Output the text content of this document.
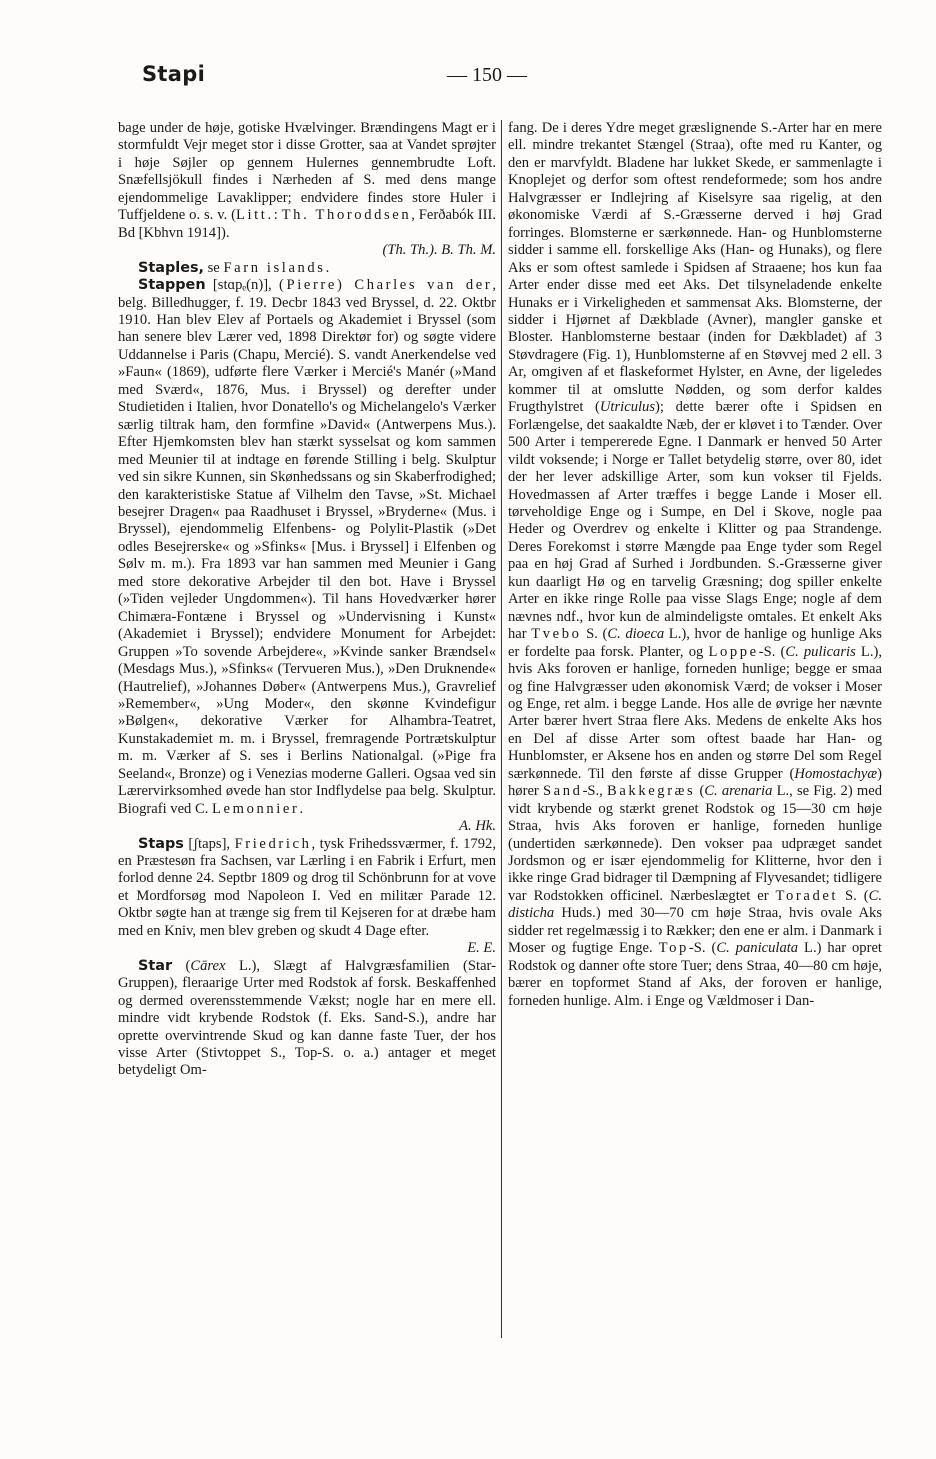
Stapi	— 150 —

bage under de høje, gotiske Hvælvinger. Brændingens Magt er i stormfuldt Vejr meget stor i disse Grotter, saa at Vandet sprøjter i høje Søjler op gennem Hulernes gennembrudte Loft. Snæfellsjökull findes i Nærheden af S. med dens mange ejendommelige Lavaklipper; endvidere findes store Huler i Tuffjeldene o. s. v. (Litt.: Th. Thoroddsen, Ferðabók III. Bd [Kbhvn 1914]).

(Th. Th.). B. Th. M.

Staples, se Farn islands.

Stappen [stɑpₑ(n)], (Pierre) Charles van der, belg. Billedhugger, f. 19. Decbr 1843 ved Bryssel, d. 22. Oktbr 1910. Han blev Elev af Portaels og Akademiet i Bryssel (som han senere blev Lærer ved, 1898 Direktør for) og søgte videre Uddannelse i Paris (Chapu, Mercié). S. vandt Anerkendelse ved »Faun« (1869), udførte flere Værker i Mercié's Manér (»Mand med Sværd«, 1876, Mus. i Bryssel) og derefter under Studietiden i Italien, hvor Donatello's og Michelangelo's Værker særlig tiltrak ham, den formfine »David« (Antwerpens Mus.). Efter Hjemkomsten blev han stærkt sysselsat og kom sammen med Meunier til at indtage en førende Stilling i belg. Skulptur ved sin sikre Kunnen, sin Skønhedssans og sin Skaberfrodighed; den karakteristiske Statue af Vilhelm den Tavse, »St. Michael besejrer Dragen« paa Raadhuset i Bryssel, »Bryderne« (Mus. i Bryssel), ejendommelig Elfenbens- og Polylit-Plastik (»Det odles Besejrerske« og »Sfinks« [Mus. i Bryssel] i Elfenben og Sølv m. m.). Fra 1893 var han sammen med Meunier i Gang med store dekorative Arbejder til den bot. Have i Bryssel (»Tiden vejleder Ungdommen«). Til hans Hovedværker hører Chimæra-Fontæne i Bryssel og »Undervisning i Kunst« (Akademiet i Bryssel); endvidere Monument for Arbejdet: Gruppen »To sovende Arbejdere«, »Kvinde sanker Brændsel« (Mesdags Mus.), »Sfinks« (Tervueren Mus.), »Den Druknende« (Hautrelief), »Johannes Døber« (Antwerpens Mus.), Gravrelief »Remember«, »Ung Moder«, den skønne Kvindefigur »Bølgen«, dekorative Værker for Alhambra-Teatret, Kunstakademiet m. m. i Bryssel, fremragende Portrætskulptur m. m. Værker af S. ses i Berlins Nationalgal. (»Pige fra Seeland«, Bronze) og i Venezias moderne Galleri. Ogsaa ved sin Lærervirksomhed øvede han stor Indflydelse paa belg. Skulptur. Biografi ved C. Lemonnier.

A. Hk.

Staps [ʃtaps], Friedrich, tysk Frihedssværmer, f. 1792, en Præstesøn fra Sachsen, var Lærling i en Fabrik i Erfurt, men forlod denne 24. Septbr 1809 og drog til Schönbrunn for at vove et Mordforsøg mod Napoleon I. Ved en militær Parade 12. Oktbr søgte han at trænge sig frem til Kejseren for at dræbe ham med en Kniv, men blev greben og skudt 4 Dage efter.

E. E.

Star (Cārex L.), Slægt af Halvgræsfamilien (Star-Gruppen), fleraarige Urter med Rodstok af forsk. Beskaffenhed og dermed overensstemmende Vækst; nogle har en mere ell. mindre vidt krybende Rodstok (f. Eks. Sand-S.), andre har oprette overvintrende Skud og kan danne faste Tuer, der hos visse Arter (Stivtoppet S., Top-S. o. a.) antager et meget betydeligt Om-

fang. De i deres Ydre meget græslignende S.-Arter har en mere ell. mindre trekantet Stængel (Straa), ofte med ru Kanter, og den er marvfyldt. Bladene har lukket Skede, er sammenlagte i Knoplejet og derfor som oftest rendeformede; som hos andre Halvgræsser er Indlejring af Kiselsyre saa rigelig, at den økonomiske Værdi af S.-Græsserne derved i høj Grad forringes. Blomsterne er særkønnede. Han- og Hunblomsterne sidder i samme ell. forskellige Aks (Han- og Hunaks), og flere Aks er som oftest samlede i Spidsen af Straaene; hos kun faa Arter ender disse med eet Aks. Det tilsyneladende enkelte Hunaks er i Virkeligheden et sammensat Aks. Blomsterne, der sidder i Hjørnet af Dækblade (Avner), mangler ganske et Bloster. Hanblomsterne bestaar (inden for Dækbladet) af 3 Støvdragere (Fig. 1), Hunblomsterne af en Støvvej med 2 ell. 3 Ar, omgiven af et flaskeformet Hylster, en Avne, der ligeledes kommer til at omslutte Nødden, og som derfor kaldes Frugthylstret (Utriculus); dette bærer ofte i Spidsen en Forlængelse, det saakaldte Næb, der er kløvet i to Tænder. Over 500 Arter i tempererede Egne. I Danmark er henved 50 Arter vildt voksende; i Norge er Tallet betydelig større, over 80, idet der her lever adskillige Arter, som kun vokser til Fjelds. Hovedmassen af Arter træffes i begge Lande i Moser ell. tørveholdige Enge og i Sumpe, en Del i Skove, nogle paa Heder og Overdrev og enkelte i Klitter og paa Strandenge. Deres Forekomst i større Mængde paa Enge tyder som Regel paa en høj Grad af Surhed i Jordbunden. S.-Græsserne giver kun daarligt Hø og en tarvelig Græsning; dog spiller enkelte Arter en ikke ringe Rolle paa visse Slags Enge; nogle af dem nævnes ndf., hvor kun de almindeligste omtales. Et enkelt Aks har Tvebo S. (C. dioeca L.), hvor de hanlige og hunlige Aks er fordelte paa forsk. Planter, og Loppe-S. (C. pulicaris L.), hvis Aks foroven er hanlige, forneden hunlige; begge er smaa og fine Halvgræsser uden økonomisk Værd; de vokser i Moser og Enge, ret alm. i begge Lande. Hos alle de øvrige her nævnte Arter bærer hvert Straa flere Aks. Medens de enkelte Aks hos en Del af disse Arter som oftest baade har Han- og Hunblomster, er Aksene hos en anden og større Del som Regel særkønnede. Til den første af disse Grupper (Homostachyæ) hører Sand-S., Bakkegræs (C. arenaria L., se Fig. 2) med vidt krybende og stærkt grenet Rodstok og 15—30 cm høje Straa, hvis Aks foroven er hanlige, forneden hunlige (undertiden særkønnede). Den vokser paa udpræget sandet Jordsmon og er især ejendommelig for Klitterne, hvor den i ikke ringe Grad bidrager til Dæmpning af Flyvesandet; tidligere var Rodstokken officinel. Nærbeslægtet er Toradet S. (C. disticha Huds.) med 30—70 cm høje Straa, hvis ovale Aks sidder ret regelmæssig i to Rækker; den ene er alm. i Danmark i Moser og fugtige Enge. Top-S. (C. paniculata L.) har opret Rodstok og danner ofte store Tuer; dens Straa, 40—80 cm høje, bærer en topformet Stand af Aks, der foroven er hanlige, forneden hunlige. Alm. i Enge og Vældmoser i Dan-
